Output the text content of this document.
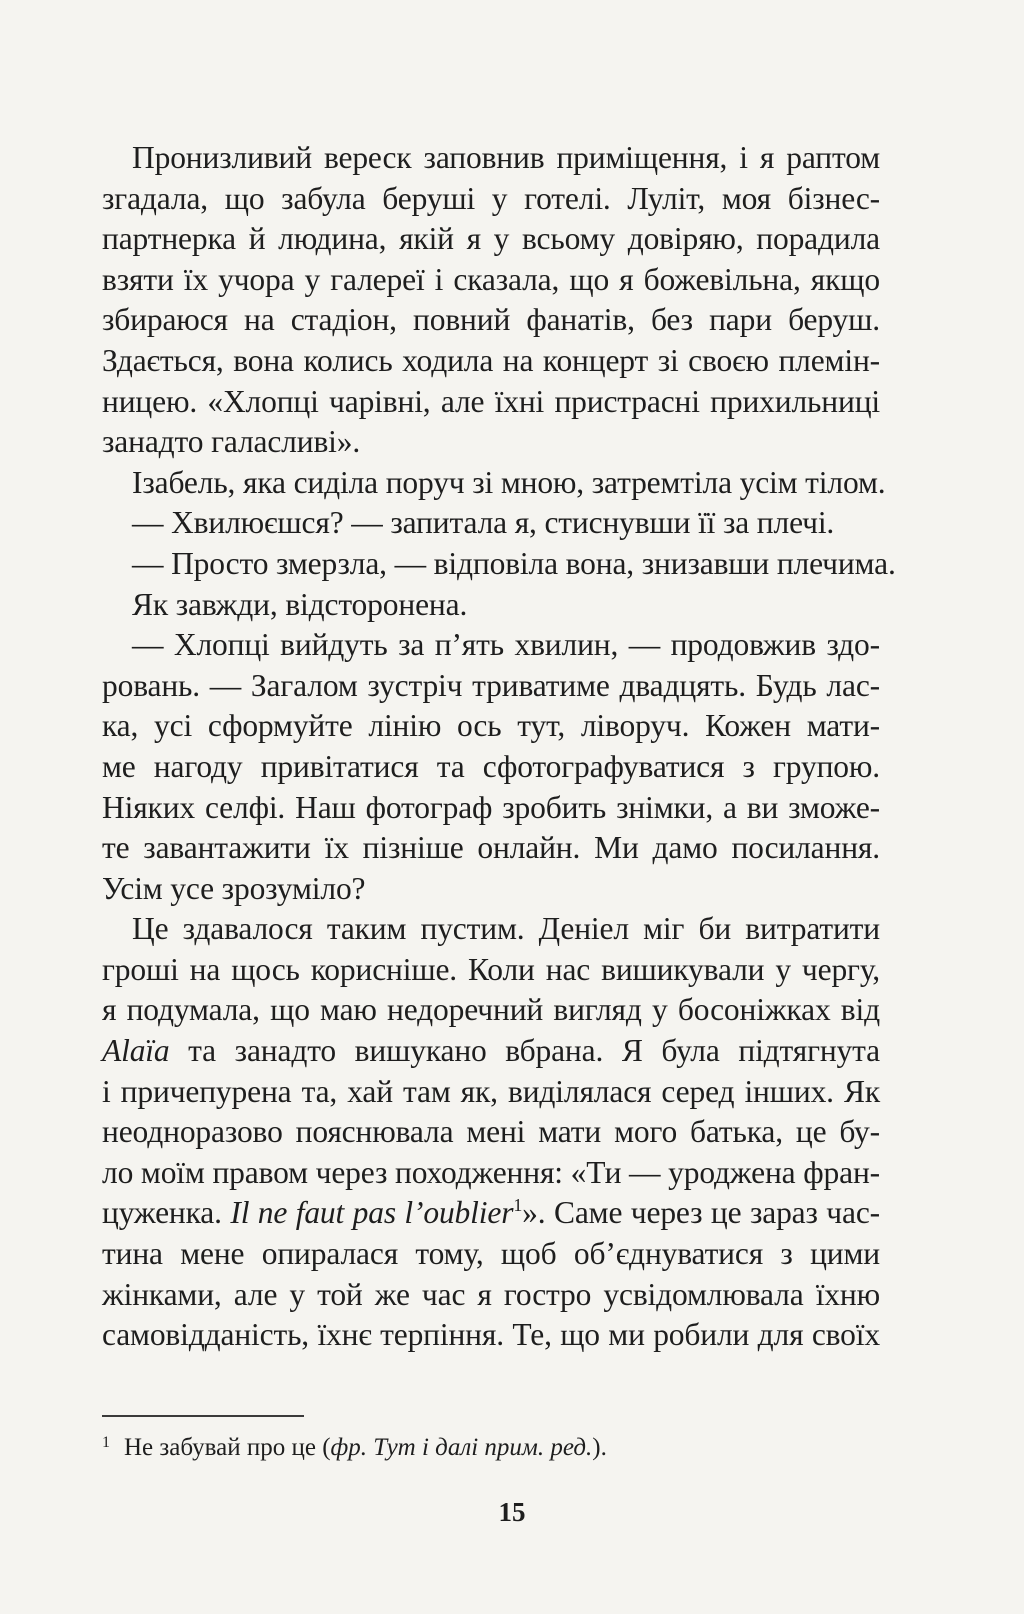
Пронизливий вереск заповнив приміщення, і я раптом
згадала, що забула беруші у готелі. Луліт, моя бізнес-
партнерка й людина, якій я у всьому довіряю, порадила
взяти їх учора у галереї і сказала, що я божевільна, якщо
збираюся на стадіон, повний фанатів, без пари беруш.
Здається, вона колись ходила на концерт зі своєю племін-
ницею. «Хлопці чарівні, але їхні пристрасні прихильниці
занадто галасливі».
Ізабель, яка сиділа поруч зі мною, затремтіла усім тілом.
— Хвилюєшся? — запитала я, стиснувши її за плечі.
— Просто змерзла, — відповіла вона, знизавши плечима.
Як завжди, відсторонена.
— Хлопці вийдуть за п’ять хвилин, — продовжив здо-
ровань. — Загалом зустріч триватиме двадцять. Будь лас-
ка, усі сформуйте лінію ось тут, ліворуч. Кожен мати-
ме нагоду привітатися та сфотографуватися з групою.
Ніяких селфі. Наш фотограф зробить знімки, а ви зможе-
те завантажити їх пізніше онлайн. Ми дамо посилання.
Усім усе зрозуміло?
Це здавалося таким пустим. Деніел міг би витратити
гроші на щось корисніше. Коли нас вишикували у чергу,
я подумала, що маю недоречний вигляд у босоніжках від
Alaïa та занадто вишукано вбрана. Я була підтягнута
і причепурена та, хай там як, виділялася серед інших. Як
неодноразово пояснювала мені мати мого батька, це бу-
ло моїм правом через походження: «Ти — уроджена фран-
цуженка. Il ne faut pas l’oublier$^1$». Саме через це зараз час-
тина мене опиралася тому, щоб об’єднуватися з цими
жінками, але у той же час я гостро усвідомлювала їхню
самовідданість, їхнє терпіння. Те, що ми робили для своїх
1 Не забувай про це (фр. Тут і далі прим. ред.).
15
